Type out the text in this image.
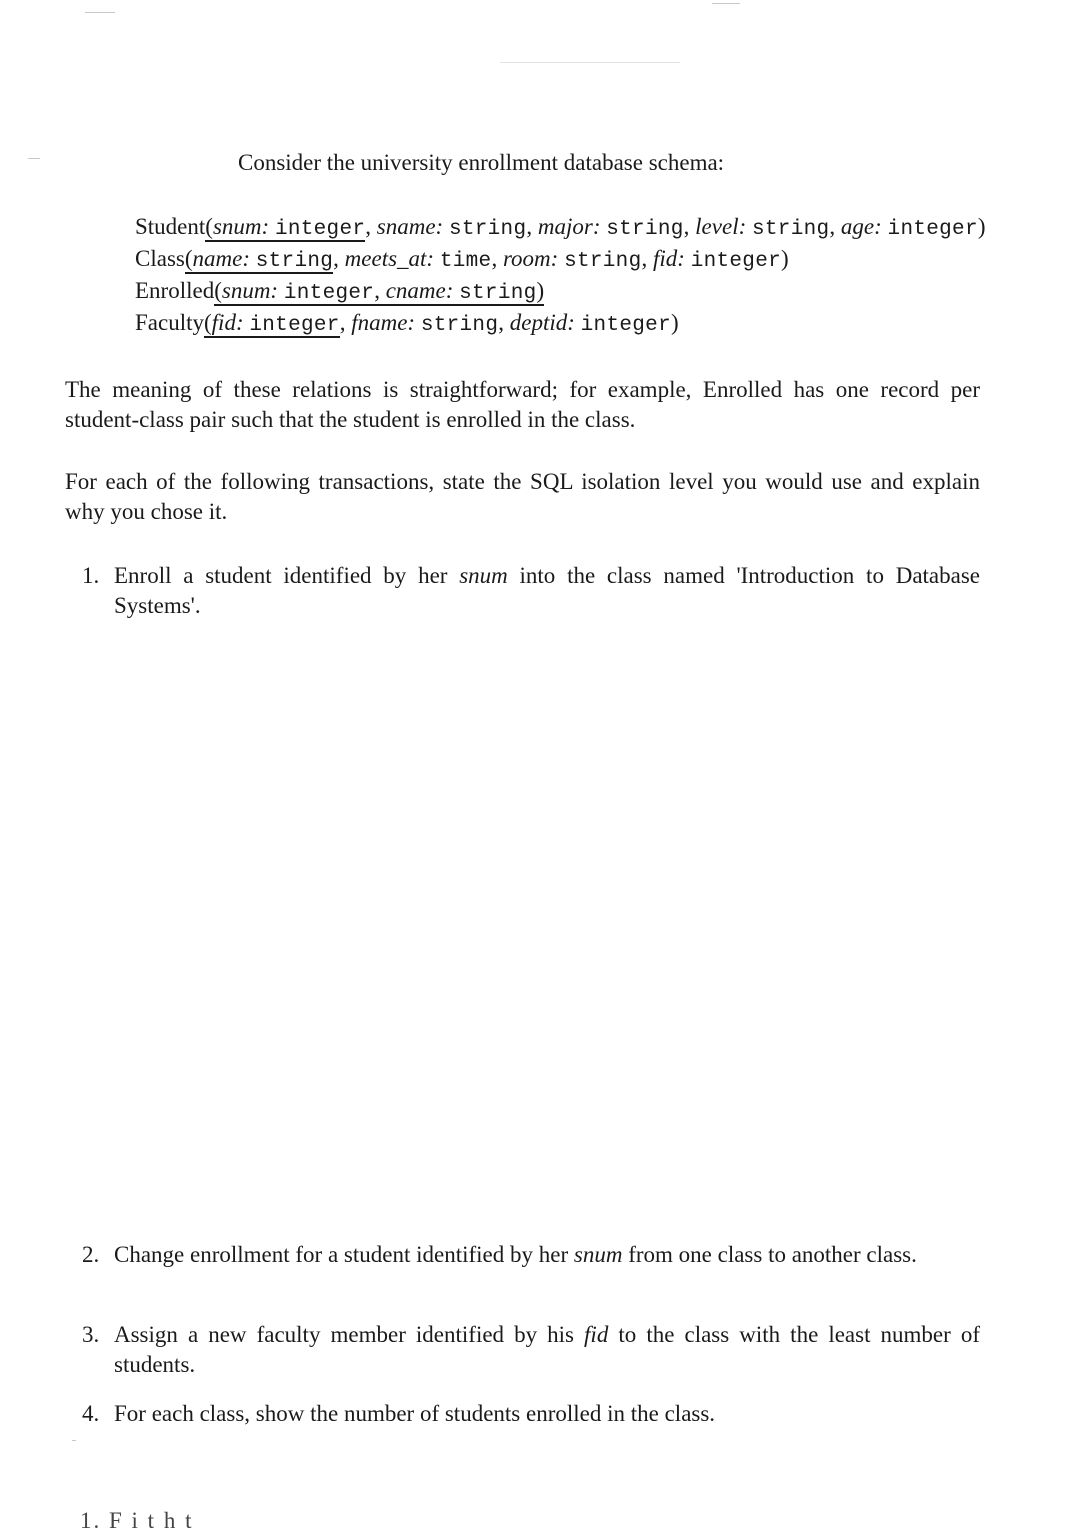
Consider the university enrollment database schema:
Student(snum: integer, sname: string, major: string, level: string, age: integer)
Class(name: string, meets_at: time, room: string, fid: integer)
Enrolled(snum: integer, cname: string)
Faculty(fid: integer, fname: string, deptid: integer)
The meaning of these relations is straightforward; for example, Enrolled has one record per student-class pair such that the student is enrolled in the class.
For each of the following transactions, state the SQL isolation level you would use and explain why you chose it.
1. Enroll a student identified by her snum into the class named 'Introduction to Database Systems'.
2. Change enrollment for a student identified by her snum from one class to another class.
3. Assign a new faculty member identified by his fid to the class with the least number of students.
4. For each class, show the number of students enrolled in the class.
1. F i t h t
